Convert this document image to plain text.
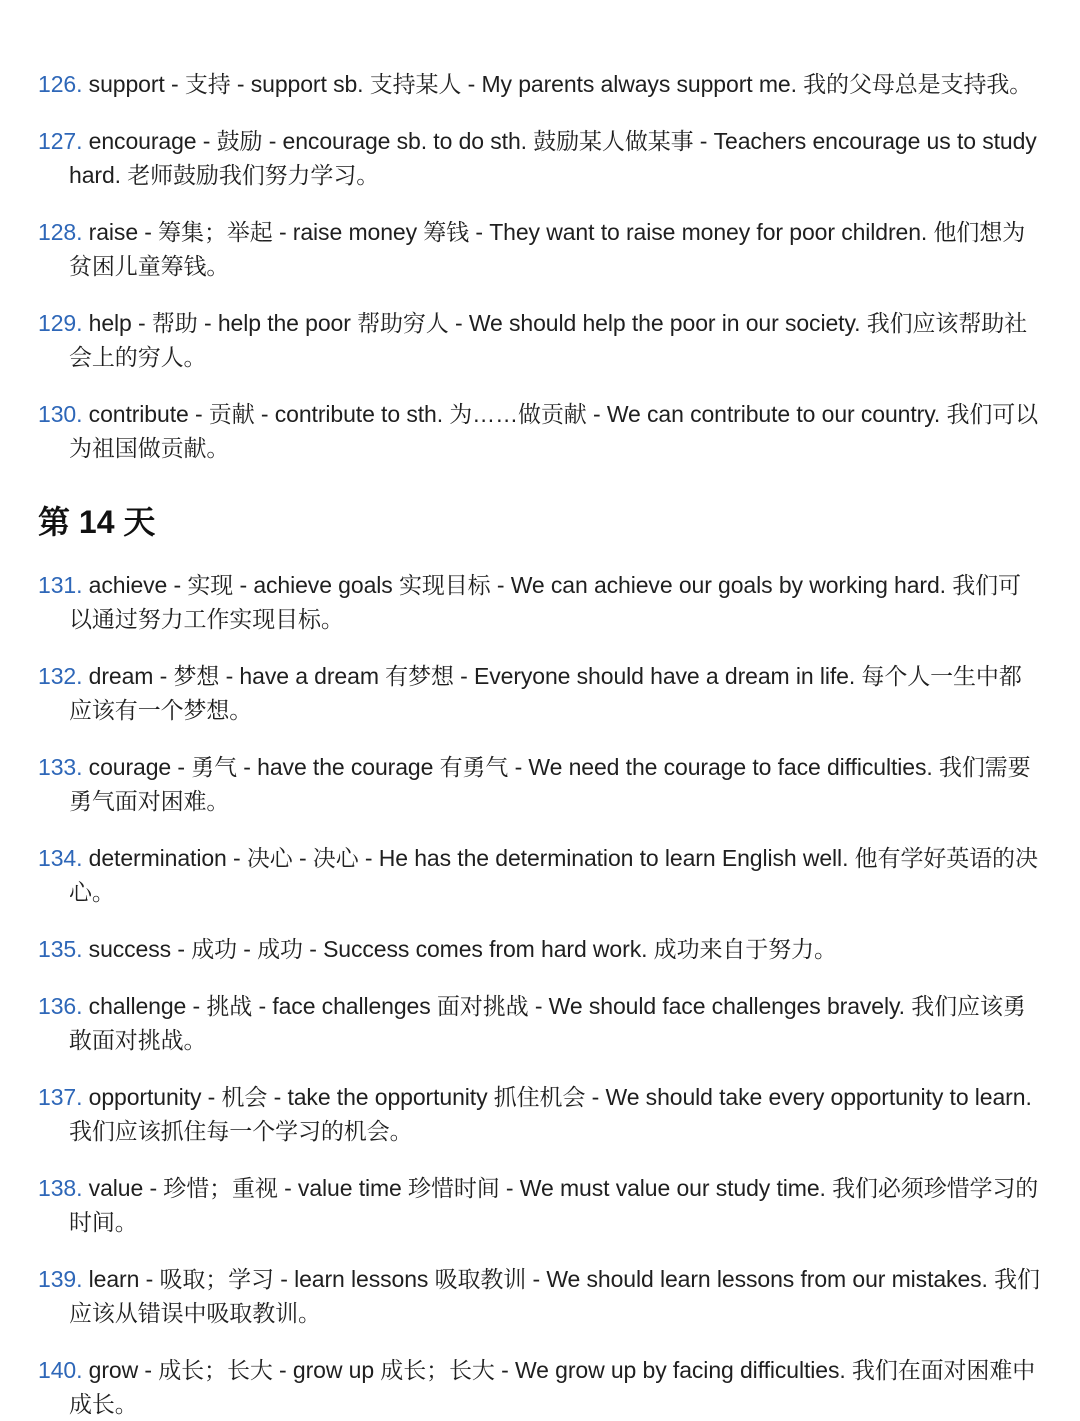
126. support - 支持 - support sb. 支持某人 - My parents always support me. 我的父母总是支持我。

127. encourage - 鼓励 - encourage sb. to do sth. 鼓励某人做某事 - Teachers encourage us to study hard. 老师鼓励我们努力学习。

128. raise - 筹集；举起 - raise money 筹钱 - They want to raise money for poor children. 他们想为贫困儿童筹钱。

129. help - 帮助 - help the poor 帮助穷人 - We should help the poor in our society. 我们应该帮助社会上的穷人。

130. contribute - 贡献 - contribute to sth. 为……做贡献 - We can contribute to our country. 我们可以为祖国做贡献。

第 14 天

131. achieve - 实现 - achieve goals 实现目标 - We can achieve our goals by working hard. 我们可以通过努力工作实现目标。

132. dream - 梦想 - have a dream 有梦想 - Everyone should have a dream in life. 每个人一生中都应该有一个梦想。

133. courage - 勇气 - have the courage 有勇气 - We need the courage to face difficulties. 我们需要勇气面对困难。

134. determination - 决心 - 决心 - He has the determination to learn English well. 他有学好英语的决心。

135. success - 成功 - 成功 - Success comes from hard work. 成功来自于努力。

136. challenge - 挑战 - face challenges 面对挑战 - We should face challenges bravely. 我们应该勇敢面对挑战。

137. opportunity - 机会 - take the opportunity 抓住机会 - We should take every opportunity to learn. 我们应该抓住每一个学习的机会。

138. value - 珍惜；重视 - value time 珍惜时间 - We must value our study time. 我们必须珍惜学习的时间。

139. learn - 吸取；学习 - learn lessons 吸取教训 - We should learn lessons from our mistakes. 我们应该从错误中吸取教训。

140. grow - 成长；长大 - grow up 成长；长大 - We grow up by facing difficulties. 我们在面对困难中成长。
